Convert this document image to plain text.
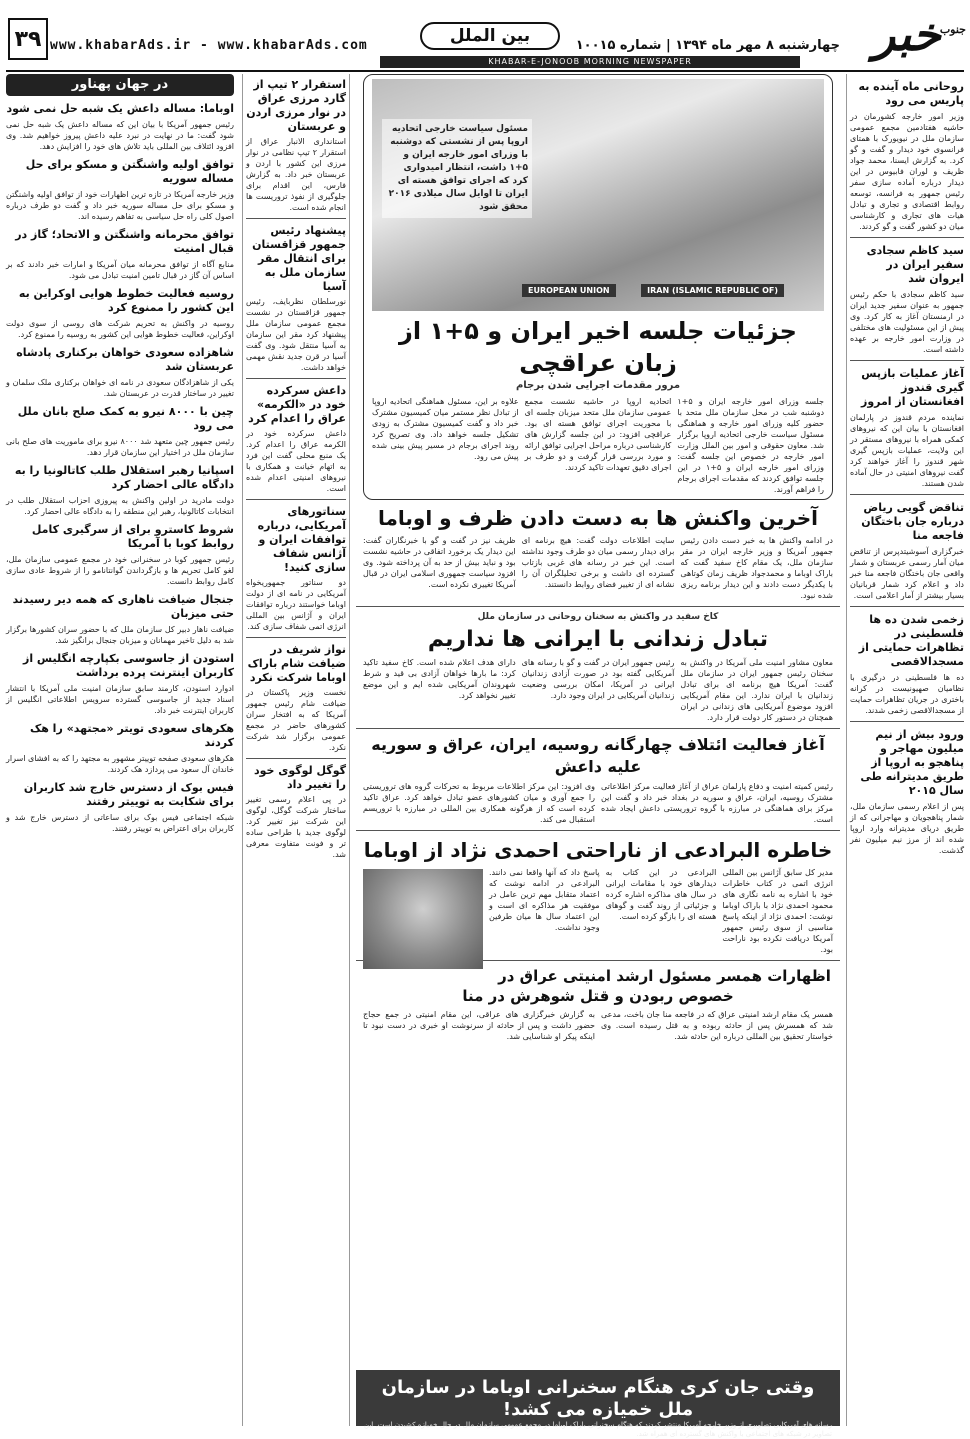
۳۹ www.khabarAds.ir - www.khabarAds.com	بین الملل	خبر
جنوب
چهارشنبه ۸ مهر ماه ۱۳۹۴ | شماره ۱۰۰۱۵
KHABAR-E-JONOOB MORNING NEWSPAPER
روحانی ماه آینده به پاریس می رود
وزیر امور خارجه کشورمان در حاشیه هفتادمین مجمع عمومی سازمان ملل در نیویورک با همتای فرانسوی خود دیدار و گفت و گو کرد. به گزارش ایسنا، محمد جواد ظریف و لوران فابیوس در این دیدار درباره آماده سازی سفر رئیس جمهور به فرانسه، توسعه روابط اقتصادی و تجاری و تبادل هیات های تجاری و کارشناسی میان دو کشور گفت و گو کردند.
سید کاظم سجادی سفیر ایران در ایروان شد
سید کاظم سجادی با حکم رئیس جمهور به عنوان سفیر جدید ایران در ارمنستان آغاز به کار کرد. وی پیش از این مسئولیت های مختلفی در وزارت امور خارجه بر عهده داشته است.
آغاز عملیات بازپس گیری قندوز افغانستان از امروز
نماینده مردم قندوز در پارلمان افغانستان با بیان این که نیروهای کمکی همراه با نیروهای مستقر در این ولایت، عملیات بازپس گیری شهر قندوز را آغاز خواهند کرد گفت نیروهای امنیتی در حال آماده شدن هستند.
تناقض گویی ریاض درباره جان باختگان فاجعه منا
خبرگزاری آسوشیتدپرس از تناقض میان آمار رسمی عربستان و شمار واقعی جان باختگان فاجعه منا خبر داد و اعلام کرد شمار قربانیان بسیار بیشتر از آمار اعلامی است.
زخمی شدن ده ها فلسطینی در تظاهرات حمایتی از مسجدالاقصی
ده ها فلسطینی در درگیری با نظامیان صهیونیست در کرانه باختری در جریان تظاهرات حمایت از مسجدالاقصی زخمی شدند.
ورود بیش از نیم میلیون مهاجر و پناهجو به اروپا از طریق مدیترانه طی سال ۲۰۱۵
پس از اعلام رسمی سازمان ملل، شمار پناهجویان و مهاجرانی که از طریق دریای مدیترانه وارد اروپا شده اند از مرز نیم میلیون نفر گذشت.
EUROPEAN UNION	IRAN (ISLAMIC REPUBLIC OF)
مسئول سیاست خارجی اتحادیه اروپا پس از نشستی که دوشنبه با وزرای امور خارجه ایران و ۵+۱ داشت، انتظار امیدواری کرد که اجرای توافق هسته ای ایران تا اوایل سال میلادی ۲۰۱۶ محقق شود
جزئیات جلسه اخیر ایران و ۵+۱ از زبان عراقچی
مرور مقدمات اجرایی شدن برجام
جلسه وزرای امور خارجه ایران و ۵+۱ دوشنبه شب در محل سازمان ملل متحد با حضور کلیه وزرای امور خارجه و هماهنگی مسئول سیاست خارجی اتحادیه اروپا برگزار شد. معاون حقوقی و امور بین الملل وزارت امور خارجه در خصوص این جلسه گفت: وزرای امور خارجه ایران و ۵+۱ در این جلسه توافق کردند که مقدمات اجرای برجام را فراهم آورند.
اتحادیه اروپا در حاشیه نشست مجمع عمومی سازمان ملل متحد میزبان جلسه ای با محوریت اجرای توافق هسته ای بود. عراقچی افزود: در این جلسه گزارش های کارشناسی درباره مراحل اجرایی توافق ارائه و مورد بررسی قرار گرفت و دو طرف بر اجرای دقیق تعهدات تاکید کردند.
علاوه بر این، مسئول هماهنگی اتحادیه اروپا از تبادل نظر مستمر میان کمیسیون مشترک خبر داد و گفت کمیسیون مشترک به زودی تشکیل جلسه خواهد داد. وی تصریح کرد روند اجرای برجام در مسیر پیش بینی شده پیش می رود.
آخرین واکنش ها به دست دادن ظرف و اوباما
در ادامه واکنش ها به خبر دست دادن رئیس جمهور آمریکا و وزیر خارجه ایران در مقر سازمان ملل، یک مقام کاخ سفید گفت که باراک اوباما و محمدجواد ظریف زمان کوتاهی با یکدیگر دست دادند و این دیدار برنامه ریزی شده نبود.
سایت اطلاعات دولت گفت: هیچ برنامه ای برای دیدار رسمی میان دو طرف وجود نداشته است. این خبر در رسانه های غربی بازتاب گسترده ای داشت و برخی تحلیلگران آن را نشانه ای از تغییر فضای روابط دانستند.
ظریف نیز در گفت و گو با خبرنگاران گفت: این دیدار یک برخورد اتفاقی در حاشیه نشست بود و نباید بیش از حد به آن پرداخته شود. وی افزود سیاست جمهوری اسلامی ایران در قبال آمریکا تغییری نکرده است.
کاخ سفید در واکنش به سخنان روحانی در سازمان ملل
تبادل زندانی با ایرانی ها نداریم
معاون مشاور امنیت ملی آمریکا در واکنش به سخنان رئیس جمهور ایران در سازمان ملل گفت: آمریکا هیچ برنامه ای برای تبادل زندانیان با ایران ندارد. این مقام آمریکایی افزود موضوع آمریکایی های زندانی در ایران همچنان در دستور کار دولت قرار دارد.
رئیس جمهور ایران در گفت و گو با رسانه های آمریکایی گفته بود در صورت آزادی زندانیان ایرانی در آمریکا، امکان بررسی وضعیت زندانیان آمریکایی در ایران وجود دارد.
دارای هدف اعلام شده است. کاخ سفید تاکید کرد: ما بارها خواهان آزادی بی قید و شرط شهروندان آمریکایی شده ایم و این موضع تغییر نخواهد کرد.
آغاز فعالیت ائتلاف چهارگانه روسیه، ایران، عراق و سوریه علیه داعش
رئیس کمیته امنیت و دفاع پارلمان عراق از آغاز فعالیت مرکز اطلاعاتی مشترک روسیه، ایران، عراق و سوریه در بغداد خبر داد و گفت این مرکز برای هماهنگی در مبارزه با گروه تروریستی داعش ایجاد شده است.
وی افزود: این مرکز اطلاعات مربوط به تحرکات گروه های تروریستی را جمع آوری و میان کشورهای عضو تبادل خواهد کرد. عراق تاکید کرده است که از هرگونه همکاری بین المللی در مبارزه با تروریسم استقبال می کند.
خاطره البرادعی از ناراحتی احمدی نژاد از اوباما
مدیر کل سابق آژانس بین المللی انرژی اتمی در کتاب خاطرات خود با اشاره به نامه نگاری های محمود احمدی نژاد با باراک اوباما نوشت: احمدی نژاد از اینکه پاسخ مناسبی از سوی رئیس جمهور آمریکا دریافت نکرده بود ناراحت بود.
البرادعی در این کتاب به دیدارهای خود با مقامات ایرانی در سال های مذاکره اشاره کرده و جزئیاتی از روند گفت و گوهای هسته ای را بازگو کرده است.
پاسخ داد که آنها واقعا نمی دانند. البرادعی در ادامه نوشت که اعتماد متقابل مهم ترین عامل در موفقیت هر مذاکره ای است و این اعتماد سال ها میان طرفین وجود نداشت.
اظهارات همسر مسئول ارشد امنیتی عراق در خصوص ربودن و قتل شوهرش در منا
همسر یک مقام ارشد امنیتی عراق که در فاجعه منا جان باخت، مدعی شد که همسرش پس از حادثه ربوده و به قتل رسیده است. وی خواستار تحقیق بین المللی درباره این حادثه شد.
به گزارش خبرگزاری های عراقی، این مقام امنیتی در جمع حجاج حضور داشت و پس از حادثه از سرنوشت او خبری در دست نبود تا اینکه پیکر او شناسایی شد.
وقتی جان کری هنگام سخنرانی اوباما در سازمان ملل خمیازه می کشد!
رسانه های آمریکایی تصاویری از وزیر خارجه آمریکا منتشر کردند که هنگام سخنرانی باراک اوباما در مجمع عمومی سازمان ملل در حال خمیازه کشیدن است. این تصاویر در شبکه های اجتماعی با واکنش های گسترده ای همراه شد.
استقرار ۲ تیپ از گارد مرزی عراق در نوار مرزی اردن و عربستان
استانداری الانبار عراق از استقرار ۲ تیپ نظامی در نوار مرزی این کشور با اردن و عربستان خبر داد. به گزارش فارس، این اقدام برای جلوگیری از نفوذ تروریست ها انجام شده است.
پیشنهاد رئیس جمهور قزاقستان برای انتقال مقر سازمان ملل به آسیا
نورسلطان نظربایف، رئیس جمهور قزاقستان در نشست مجمع عمومی سازمان ملل پیشنهاد کرد مقر این سازمان به آسیا منتقل شود. وی گفت آسیا در قرن جدید نقش مهمی خواهد داشت.
داعش سرکرده خود در «الکرمه» عراق را اعدام کرد
داعش سرکرده خود در الکرمه عراق را اعدام کرد. یک منبع محلی گفت این فرد به اتهام خیانت و همکاری با نیروهای امنیتی اعدام شده است.
سناتورهای آمریکایی، درباره توافقات ایران و آژانس شفاف سازی کنید!
دو سناتور جمهوریخواه آمریکایی در نامه ای از دولت اوباما خواستند درباره توافقات ایران و آژانس بین المللی انرژی اتمی شفاف سازی کند.
نواز شریف در ضیافت شام باراک اوباما شرکت نکرد
نخست وزیر پاکستان در ضیافت شام رئیس جمهور آمریکا که به افتخار سران کشورهای حاضر در مجمع عمومی برگزار شد شرکت نکرد.
گوگل لوگوی خود را تغییر داد
در پی اعلام رسمی تغییر ساختار شرکت گوگل، لوگوی این شرکت نیز تغییر کرد. لوگوی جدید با طراحی ساده تر و فونت متفاوت معرفی شد.
در جهان پهناور
اوباما: مساله داعش یک شبه حل نمی شود
رئیس جمهور آمریکا با بیان این که مساله داعش یک شبه حل نمی شود گفت: ما در نهایت در نبرد علیه داعش پیروز خواهیم شد. وی افزود ائتلاف بین المللی باید تلاش های خود را افزایش دهد.
توافق اولیه واشنگتن و مسکو برای حل مساله سوریه
وزیر خارجه آمریکا در تازه ترین اظهارات خود از توافق اولیه واشنگتن و مسکو برای حل مساله سوریه خبر داد و گفت دو طرف درباره اصول کلی راه حل سیاسی به تفاهم رسیده اند.
توافق محرمانه واشنگتن و الاتحاد؛ گاز در قبال امنیت
منابع آگاه از توافق محرمانه میان آمریکا و امارات خبر دادند که بر اساس آن گاز در قبال تامین امنیت تبادل می شود.
روسیه فعالیت خطوط هوایی اوکراین به این کشور را ممنوع کرد
روسیه در واکنش به تحریم شرکت های روسی از سوی دولت اوکراین، فعالیت خطوط هوایی این کشور به روسیه را ممنوع کرد.
شاهزاده سعودی خواهان برکناری پادشاه عربستان شد
یکی از شاهزادگان سعودی در نامه ای خواهان برکناری ملک سلمان و تغییر در ساختار قدرت در عربستان شد.
چین با ۸۰۰۰ نیرو به کمک صلح بانان ملل می رود
رئیس جمهور چین متعهد شد ۸۰۰۰ نیرو برای ماموریت های صلح بانی سازمان ملل در اختیار این سازمان قرار دهد.
اسپانیا رهبر استقلال طلب کاتالونیا را به دادگاه عالی احضار کرد
دولت مادرید در اولین واکنش به پیروزی احزاب استقلال طلب در انتخابات کاتالونیا، رهبر این منطقه را به دادگاه عالی احضار کرد.
شروط کاسترو برای از سرگیری کامل روابط کوبا با آمریکا
رئیس جمهور کوبا در سخنرانی خود در مجمع عمومی سازمان ملل، لغو کامل تحریم ها و بازگرداندن گوانتانامو را از شروط عادی سازی کامل روابط دانست.
جنجال ضیافت ناهاری که همه دیر رسیدند حتی میزبان
ضیافت ناهار دبیر کل سازمان ملل که با حضور سران کشورها برگزار شد به دلیل تاخیر مهمانان و میزبان جنجال برانگیز شد.
استودن از جاسوسی بکپارچه انگلیس از کاربران اینترنت پرده برداشت
ادوارد اسنودن، کارمند سابق سازمان امنیت ملی آمریکا با انتشار اسناد جدید از جاسوسی گسترده سرویس اطلاعاتی انگلیس از کاربران اینترنت خبر داد.
هکرهای سعودی تویتر «مجتهد» را هک کردند
هکرهای سعودی صفحه توییتر مشهور به مجتهد را که به افشای اسرار خاندان آل سعود می پردازد هک کردند.
فیس بوک از دسترس خارج شد کاربران برای شکایت به توییتر رفتند
شبکه اجتماعی فیس بوک برای ساعاتی از دسترس خارج شد و کاربران برای اعتراض به توییتر رفتند.
